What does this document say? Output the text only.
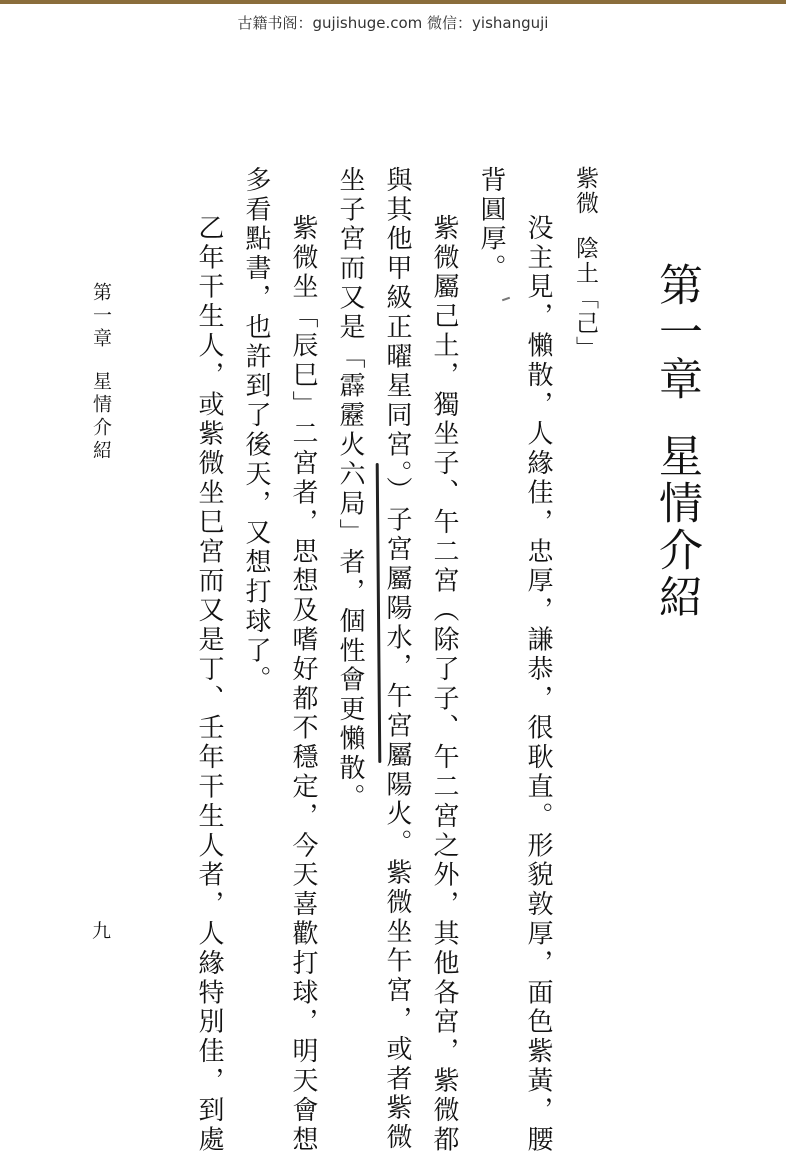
古籍书阁：gujishuge.com 微信：yishanguji
第一章星情介紹
紫微陰土「己」
没主見，懶散，人緣佳，忠厚，謙恭，很耿直。形貌敦厚，面色紫黃，腰
背圓厚。
紫微屬己土，獨坐子、午二宮（除了子、午二宮之外，其他各宮，紫微都
與其他甲級正曜星同宮。）子宮屬陽水，午宮屬陽火。紫微坐午宮，或者紫微
坐子宮而又是「霹靂火六局」者，個性會更懶散。
紫微坐「辰巳」二宮者，思想及嗜好都不穩定，今天喜歡打球，明天會想
多看點書，也許到了後天，又想打球了。
乙年干生人，或紫微坐巳宮而又是丁、壬年干生人者，人緣特別佳，到處
第一章星情介紹
九
